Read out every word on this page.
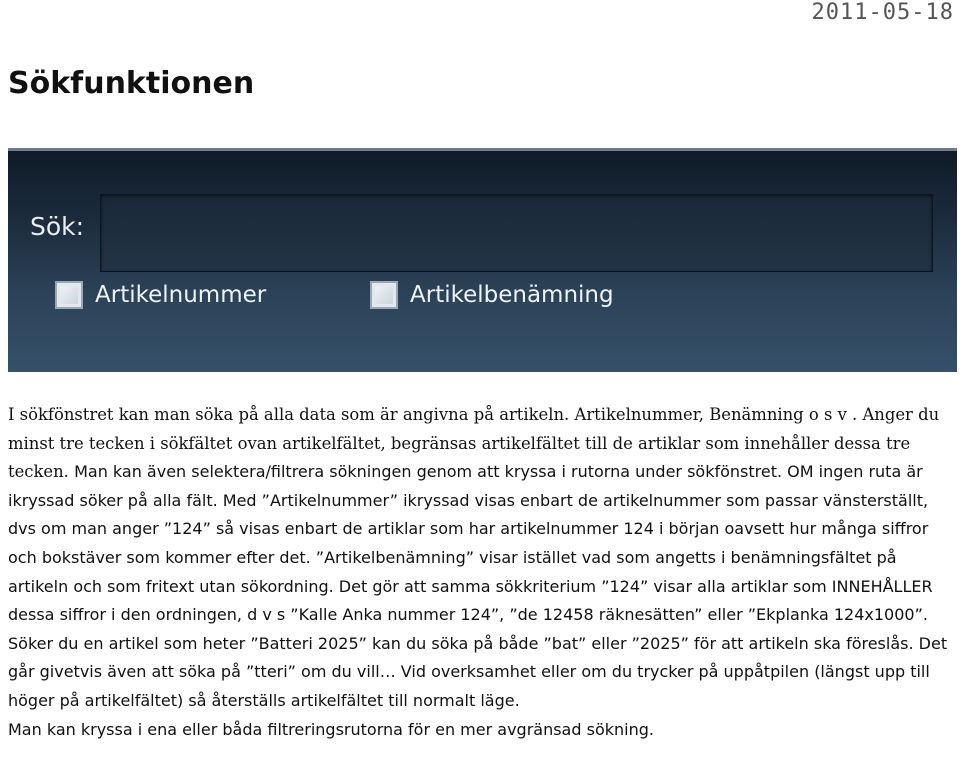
2011-05-18
Sökfunktionen
Sök:
Artikelnummer	Artikelbenämning

I sökfönstret kan man söka på alla data som är angivna på artikeln. Artikelnummer, Benämning o s v . Anger du minst tre tecken i sökfältet ovan artikelfältet, begränsas artikelfältet till de artiklar som innehåller dessa tre tecken. Man kan även selektera/filtrera sökningen genom att kryssa i rutorna under sökfönstret. OM ingen ruta är ikryssad söker på alla fält. Med ”Artikelnummer” ikryssad visas enbart de artikelnummer som passar vänsterställt, dvs om man anger ”124” så visas enbart de artiklar som har artikelnummer 124 i början oavsett hur många siffror och bokstäver som kommer efter det. ”Artikelbenämning” visar istället vad som angetts i benämningsfältet på artikeln och som fritext utan sökordning. Det gör att samma sökkriterium ”124” visar alla artiklar som INNEHÅLLER dessa siffror i den ordningen, d v s ”Kalle Anka nummer 124”, ”de 12458 räknesätten” eller ”Ekplanka 124x1000”. Söker du en artikel som heter ”Batteri 2025” kan du söka på både ”bat” eller ”2025” för att artikeln ska föreslås. Det går givetvis även att söka på ”tteri” om du vill… Vid overksamhet eller om du trycker på uppåtpilen (längst upp till höger på artikelfältet) så återställs artikelfältet till normalt läge.

Man kan kryssa i ena eller båda filtreringsrutorna för en mer avgränsad sökning.
